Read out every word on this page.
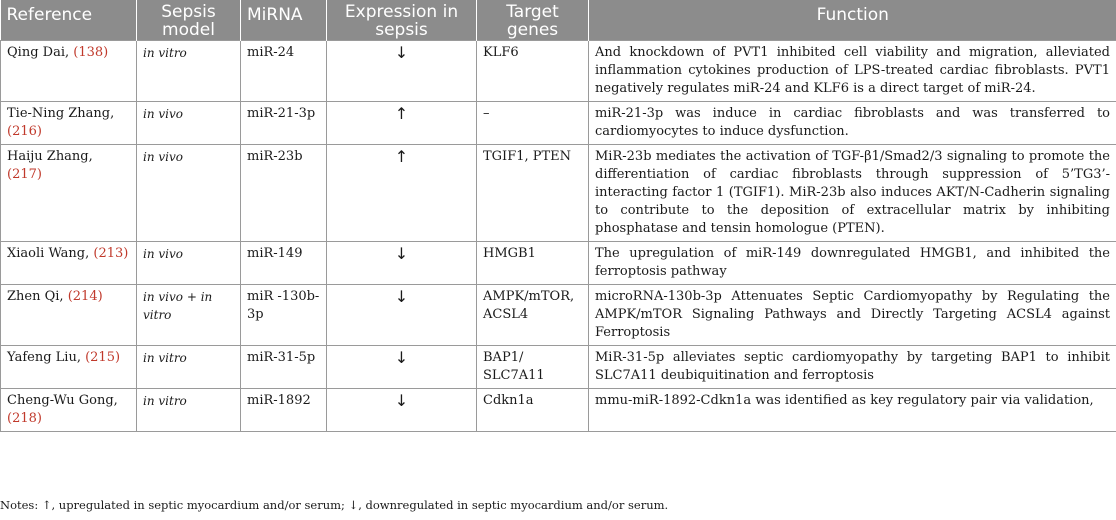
Reference	Sepsis model	MiRNA	Expression in sepsis	Target genes	Function

Qing Dai, (138)	in vitro	miR-24	↓	KLF6	And knockdown of PVT1 inhibited cell viability and migration, alleviated inflammation cytokines production of LPS-treated cardiac fibroblasts. PVT1 negatively regulates miR-24 and KLF6 is a direct target of miR-24.
Tie-Ning Zhang, (216)	in vivo	miR-21-3p	↑	–	miR-21-3p was induce in cardiac fibroblasts and was transferred to cardiomyocytes to induce dysfunction.
Haiju Zhang, (217)	in vivo	miR-23b	↑	TGIF1, PTEN	MiR-23b mediates the activation of TGF-β1/Smad2/3 signaling to promote the differentiation of cardiac fibroblasts through suppression of 5’TG3’-interacting factor 1 (TGIF1). MiR-23b also induces AKT/N-Cadherin signaling to contribute to the deposition of extracellular matrix by inhibiting phosphatase and tensin homologue (PTEN).
Xiaoli Wang, (213)	in vivo	miR-149	↓	HMGB1	The upregulation of miR-149 downregulated HMGB1, and inhibited the ferroptosis pathway
Zhen Qi, (214)	in vivo + in vitro	miR -130b-3p	↓	AMPK/mTOR, ACSL4	microRNA-130b-3p Attenuates Septic Cardiomyopathy by Regulating the AMPK/mTOR Signaling Pathways and Directly Targeting ACSL4 against Ferroptosis
Yafeng Liu, (215)	in vitro	miR-31-5p	↓	BAP1/ SLC7A11	MiR-31-5p alleviates septic cardiomyopathy by targeting BAP1 to inhibit SLC7A11 deubiquitination and ferroptosis
Cheng-Wu Gong, (218)	in vitro	miR-1892	↓	Cdkn1a	mmu-miR-1892-Cdkn1a was identified as key regulatory pair via validation,
Notes: ↑, upregulated in septic myocardium and/or serum; ↓, downregulated in septic myocardium and/or serum.
